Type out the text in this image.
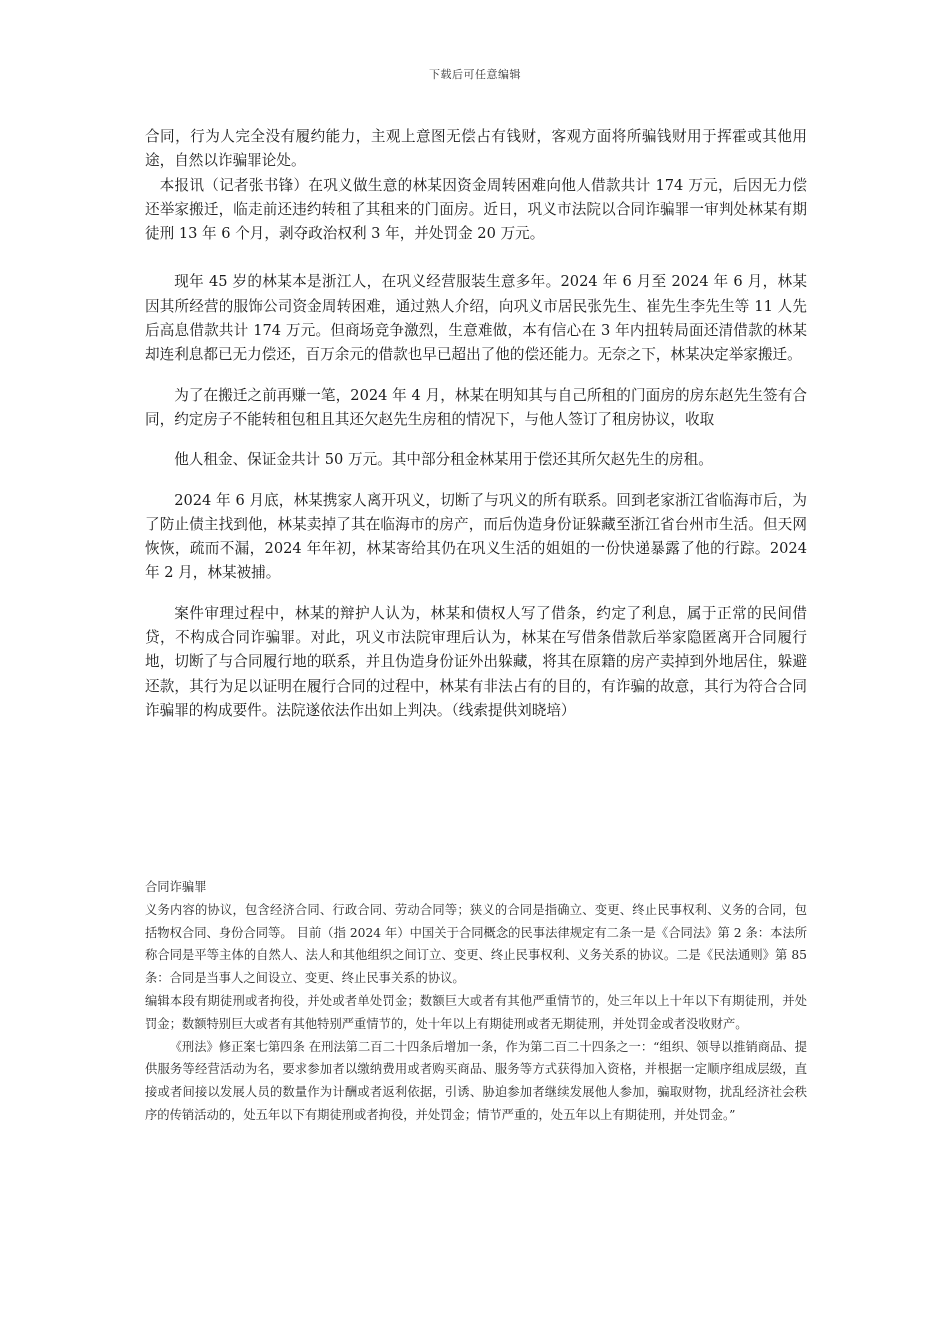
下载后可任意编辑

合同，行为人完全没有履约能力，主观上意图无偿占有钱财，客观方面将所骗钱财用于挥霍或其他用途，自然以诈骗罪论处。

本报讯（记者张书锋）在巩义做生意的林某因资金周转困难向他人借款共计 174 万元，后因无力偿还举家搬迁，临走前还违约转租了其租来的门面房。近日，巩义市法院以合同诈骗罪一审判处林某有期徒刑 13 年 6 个月，剥夺政治权利 3 年，并处罚金 20 万元。

现年 45 岁的林某本是浙江人，在巩义经营服装生意多年。2024 年 6 月至 2024 年 6 月，林某因其所经营的服饰公司资金周转困难，通过熟人介绍，向巩义市居民张先生、崔先生李先生等 11 人先后高息借款共计 174 万元。但商场竞争激烈，生意难做，本有信心在 3 年内扭转局面还清借款的林某却连利息都已无力偿还，百万余元的借款也早已超出了他的偿还能力。无奈之下，林某决定举家搬迁。

为了在搬迁之前再赚一笔，2024 年 4 月，林某在明知其与自己所租的门面房的房东赵先生签有合同，约定房子不能转租包租且其还欠赵先生房租的情况下，与他人签订了租房协议，收取

他人租金、保证金共计 50 万元。其中部分租金林某用于偿还其所欠赵先生的房租。

2024 年 6 月底，林某携家人离开巩义，切断了与巩义的所有联系。回到老家浙江省临海市后，为了防止债主找到他，林某卖掉了其在临海市的房产，而后伪造身份证躲藏至浙江省台州市生活。但天网恢恢，疏而不漏，2024 年年初，林某寄给其仍在巩义生活的姐姐的一份快递暴露了他的行踪。2024 年 2 月，林某被捕。

案件审理过程中，林某的辩护人认为，林某和债权人写了借条，约定了利息，属于正常的民间借贷，不构成合同诈骗罪。对此，巩义市法院审理后认为，林某在写借条借款后举家隐匿离开合同履行地，切断了与合同履行地的联系，并且伪造身份证外出躲藏，将其在原籍的房产卖掉到外地居住，躲避还款，其行为足以证明在履行合同的过程中，林某有非法占有的目的，有诈骗的故意，其行为符合合同诈骗罪的构成要件。法院遂依法作出如上判决。（线索提供刘晓培）

合同诈骗罪

义务内容的协议，包含经济合同、行政合同、劳动合同等；狭义的合同是指确立、变更、终止民事权利、义务的合同，包括物权合同、身份合同等。 目前（指 2024 年）中国关于合同概念的民事法律规定有二条一是《合同法》第 2 条：本法所称合同是平等主体的自然人、法人和其他组织之间订立、变更、终止民事权利、义务关系的协议。二是《民法通则》第 85 条：合同是当事人之间设立、变更、终止民事关系的协议。

编辑本段有期徒刑或者拘役，并处或者单处罚金；数额巨大或者有其他严重情节的，处三年以上十年以下有期徒刑，并处罚金；数额特别巨大或者有其他特别严重情节的，处十年以上有期徒刑或者无期徒刑，并处罚金或者没收财产。

《刑法》修正案七第四条 在刑法第二百二十四条后增加一条，作为第二百二十四条之一：“组织、领导以推销商品、提供服务等经营活动为名，要求参加者以缴纳费用或者购买商品、服务等方式获得加入资格，并根据一定顺序组成层级，直接或者间接以发展人员的数量作为计酬或者返利依据，引诱、胁迫参加者继续发展他人参加，骗取财物，扰乱经济社会秩序的传销活动的，处五年以下有期徒刑或者拘役，并处罚金；情节严重的，处五年以上有期徒刑，并处罚金。”
